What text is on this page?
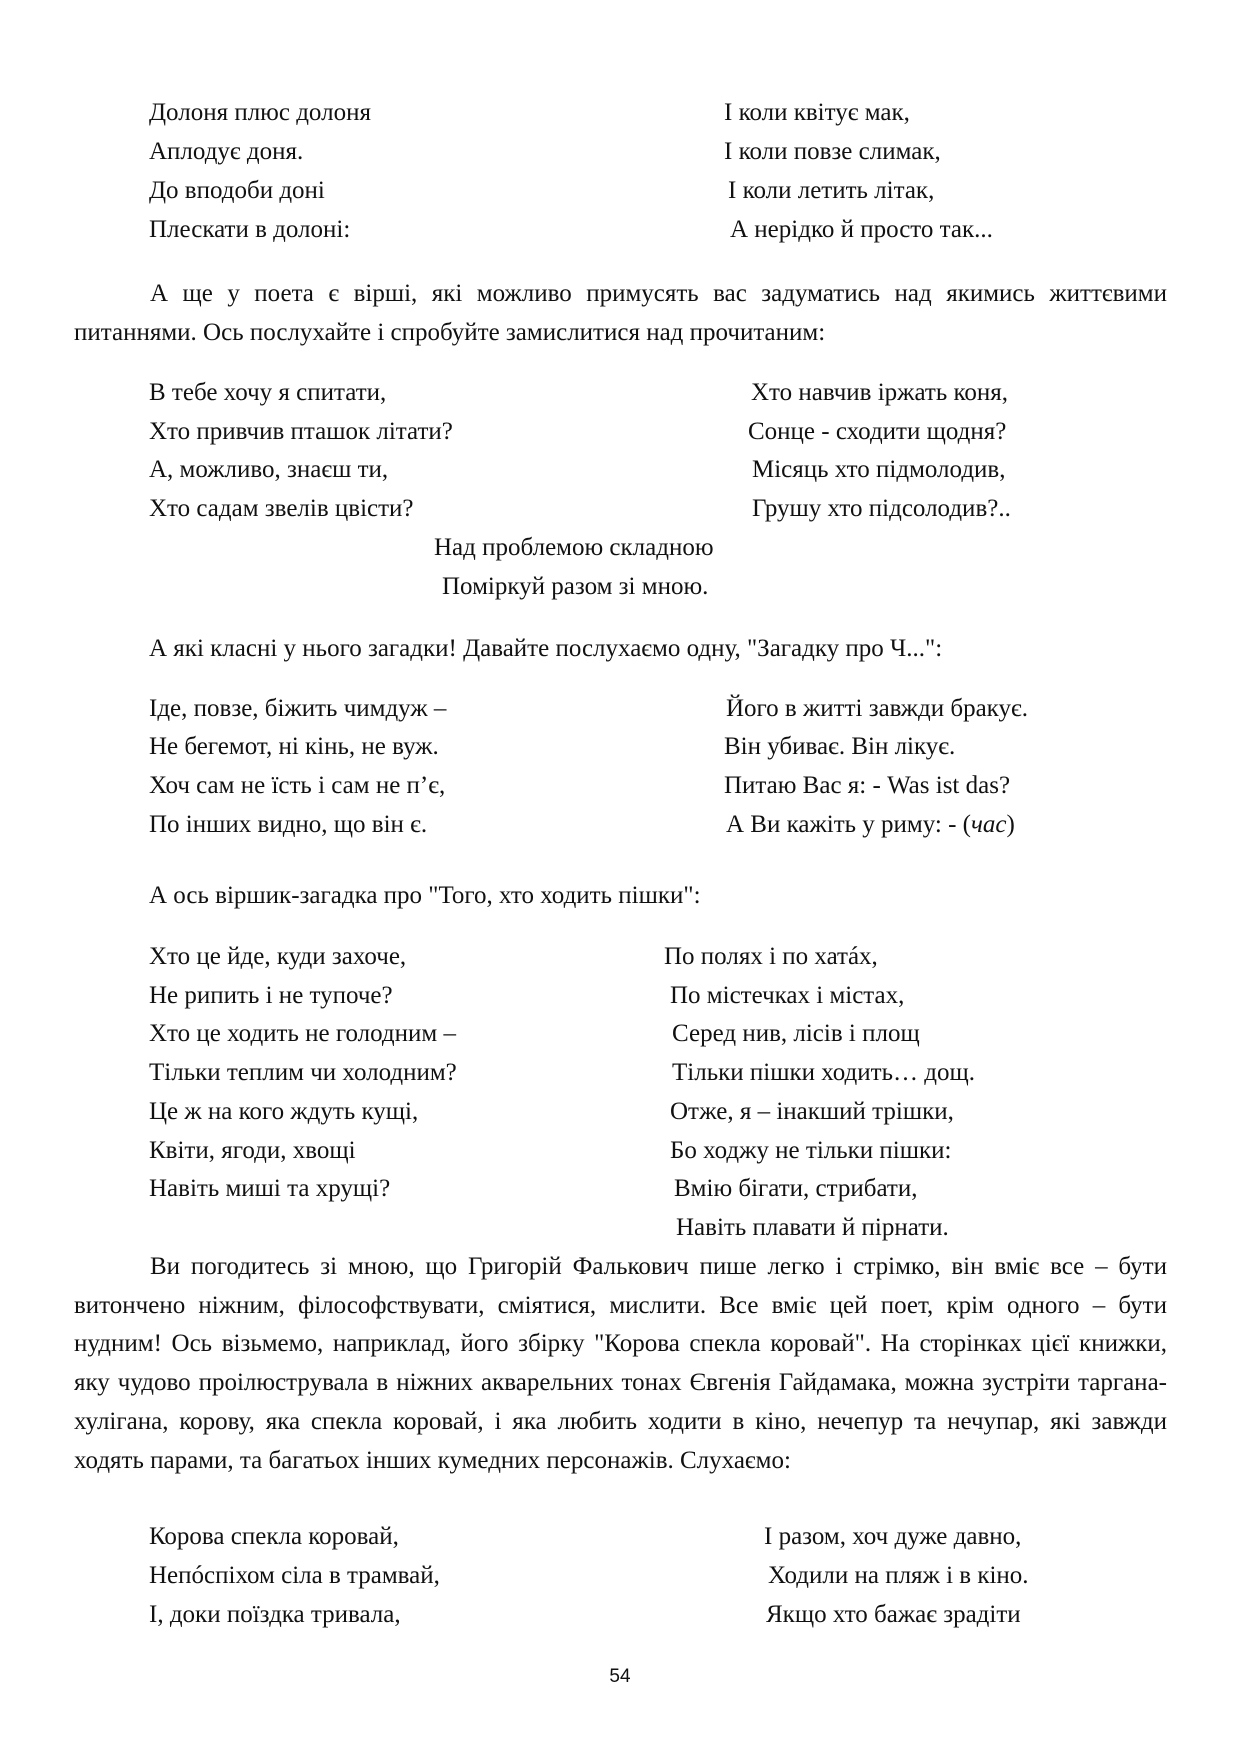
Долоня плюс долоня
Аплодує доня.
До вподоби доні
Плескати в долоні:
І коли квітує мак,
І коли повзе слимак,
І коли летить літак,
А нерідко й просто так...
А ще у поета є вірші, які можливо примусять вас задуматись над якимись життєвими питаннями. Ось послухайте і спробуйте замислитися над прочитаним:
В тебе хочу я спитати,
Хто привчив пташок літати?
А, можливо, знаєш ти,
Хто садам звелів цвісти?
Хто навчив іржать коня,
Сонце - сходити щодня?
Місяць хто підмолодив,
Грушу хто підсолодив?..
Над проблемою складною
Поміркуй разом зі мною.
А які класні у нього загадки! Давайте послухаємо одну, "Загадку про Ч...":
Іде, повзе, біжить чимдуж –
Не бегемот, ні кінь, не вуж.
Хоч сам не їсть і сам не п’є,
По інших видно, що він є.
Його в житті завжди бракує.
Він убиває. Він лікує.
Питаю Вас я: - Was ist das?
А Ви кажіть у риму: - (час)
А ось віршик-загадка про "Того, хто ходить пішки":
Хто це йде, куди захоче,
Не рипить і не тупоче?
Хто це ходить не голодним –
Тільки теплим чи холодним?
Це ж на кого ждуть кущі,
Квіти, ягоди, хвощі
Навіть миші та хрущі?
По полях і по хатáх,
По містечках і містах,
Серед нив, лісів і площ
Тільки пішки ходить… дощ.
Отже, я – інакший трішки,
Бо ходжу не тільки пішки:
Вмію бігати, стрибати,
Навіть плавати й пірнати.
Ви погодитесь зі мною, що Григорій Фалькович пише легко і стрімко, він вміє все – бути витончено ніжним, філософствувати, сміятися, мислити. Все вміє цей поет, крім одного – бути нудним! Ось візьмемо, наприклад, його збірку "Корова спекла коровай". На сторінках цієї книжки, яку чудово проілюструвала в ніжних акварельних тонах Євгенія Гайдамака, можна зустріти таргана-хулігана, корову, яка спекла коровай, і яка любить ходити в кіно, нечепур та нечупар, які завжди ходять парами, та багатьох інших кумедних персонажів. Слухаємо:
Корова спекла коровай,
Непóспіхом сіла в трамвай,
І, доки поїздка тривала,
І разом, хоч дуже давно,
Ходили на пляж і в кіно.
Якщо хто бажає зрадіти
54
